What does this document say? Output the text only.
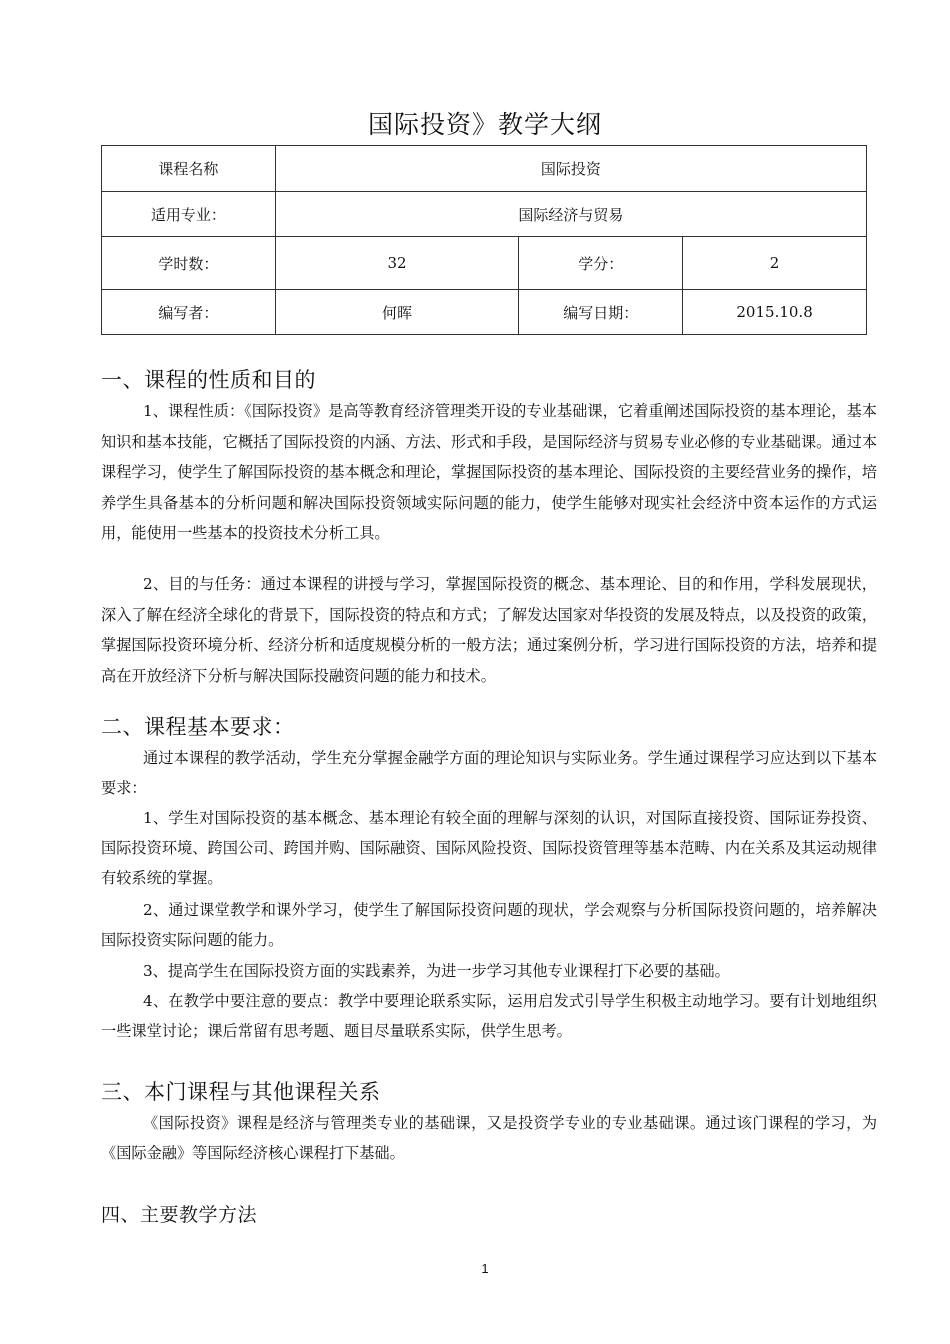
国际投资》教学大纲
课程名称	国际投资		
适用专业：	国际经济与贸易		
学时数：	32	学分：	2
编写者：	何晖	编写日期：	2015.10.8
一、课程的性质和目的

1、课程性质：《国际投资》是高等教育经济管理类开设的专业基础课，它着重阐述国际投资的基本理论，基本知识和基本技能，它概括了国际投资的内涵、方法、形式和手段，是国际经济与贸易专业必修的专业基础课。通过本课程学习，使学生了解国际投资的基本概念和理论，掌握国际投资的基本理论、国际投资的主要经营业务的操作，培养学生具备基本的分析问题和解决国际投资领域实际问题的能力，使学生能够对现实社会经济中资本运作的方式运用，能使用一些基本的投资技术分析工具。

2、目的与任务：通过本课程的讲授与学习，掌握国际投资的概念、基本理论、目的和作用，学科发展现状，深入了解在经济全球化的背景下，国际投资的特点和方式；了解发达国家对华投资的发展及特点，以及投资的政策，掌握国际投资环境分析、经济分析和适度规模分析的一般方法；通过案例分析，学习进行国际投资的方法，培养和提高在开放经济下分析与解决国际投融资问题的能力和技术。

二、课程基本要求：

通过本课程的教学活动，学生充分掌握金融学方面的理论知识与实际业务。学生通过课程学习应达到以下基本要求：

1、学生对国际投资的基本概念、基本理论有较全面的理解与深刻的认识，对国际直接投资、国际证券投资、国际投资环境、跨国公司、跨国并购、国际融资、国际风险投资、国际投资管理等基本范畴、内在关系及其运动规律有较系统的掌握。

2、通过课堂教学和课外学习，使学生了解国际投资问题的现状，学会观察与分析国际投资问题的，培养解决国际投资实际问题的能力。

3、提高学生在国际投资方面的实践素养，为进一步学习其他专业课程打下必要的基础。

4、在教学中要注意的要点：教学中要理论联系实际，运用启发式引导学生积极主动地学习。要有计划地组织一些课堂讨论；课后常留有思考题、题目尽量联系实际，供学生思考。

三、本门课程与其他课程关系

《国际投资》课程是经济与管理类专业的基础课，又是投资学专业的专业基础课。通过该门课程的学习，为《国际金融》等国际经济核心课程打下基础。

四、主要教学方法
1
